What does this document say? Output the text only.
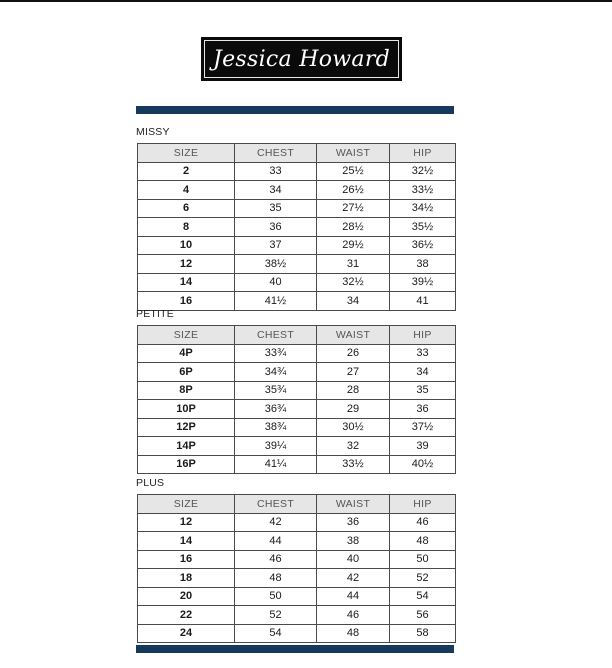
Jessica Howard
MISSY
SIZE	CHEST	WAIST	HIP
2	33	25½	32½
4	34	26½	33½
6	35	27½	34½
8	36	28½	35½
10	37	29½	36½
12	38½	31	38
14	40	32½	39½
16	41½	34	41
PETITE
SIZE	CHEST	WAIST	HIP
4P	33¾	26	33
6P	34¾	27	34
8P	35¾	28	35
10P	36¾	29	36
12P	38¾	30½	37½
14P	39¼	32	39
16P	41¼	33½	40½
PLUS
SIZE	CHEST	WAIST	HIP
12	42	36	46
14	44	38	48
16	46	40	50
18	48	42	52
20	50	44	54
22	52	46	56
24	54	48	58
